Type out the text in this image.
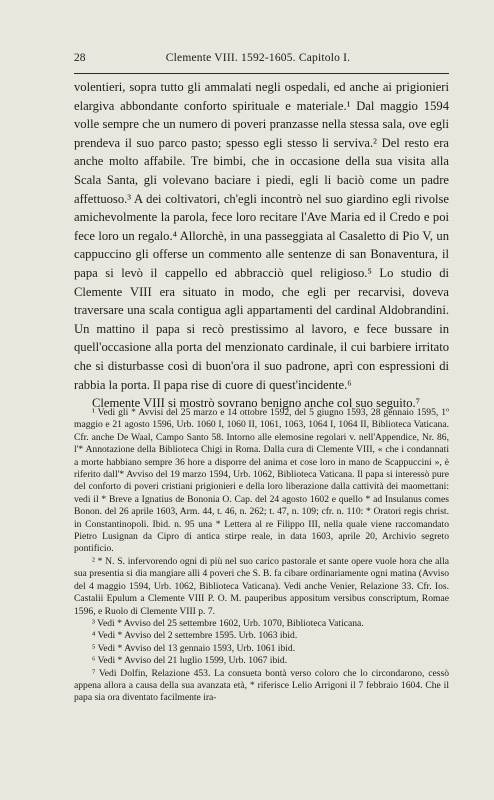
28	Clemente VIII. 1592-1605. Capitolo I.

volentieri, sopra tutto gli ammalati negli ospedali, ed anche ai prigionieri elargiva abbondante conforto spirituale e materiale.¹ Dal maggio 1594 volle sempre che un numero di poveri pranzasse nella stessa sala, ove egli prendeva il suo parco pasto; spesso egli stesso li serviva.² Del resto era anche molto affabile. Tre bimbi, che in occasione della sua visita alla Scala Santa, gli volevano baciare i piedi, egli li baciò come un padre affettuoso.³ A dei coltivatori, ch'egli incontrò nel suo giardino egli rivolse amichevolmente la parola, fece loro recitare l'Ave Maria ed il Credo e poi fece loro un regalo.⁴ Allorchè, in una passeggiata al Casaletto di Pio V, un cappuccino gli offerse un commento alle sentenze di san Bonaventura, il papa si levò il cappello ed abbracciò quel religioso.⁵ Lo studio di Clemente VIII era situato in modo, che egli per recarvisi, doveva traversare una scala contigua agli appartamenti del cardinal Aldobrandini. Un mattino il papa si recò prestissimo al lavoro, e fece bussare in quell'occasione alla porta del menzionato cardinale, il cui barbiere irritato che si disturbasse così di buon'ora il suo padrone, aprì con espressioni di rabbia la porta. Il papa rise di cuore di quest'incidente.⁶

Clemente VIII si mostrò sovrano benigno anche col suo seguito.⁷

¹ Vedi gli * Avvisi del 25 marzo e 14 ottobre 1592, del 5 giugno 1593, 28 gennaio 1595, 1º maggio e 21 agosto 1596, Urb. 1060 I, 1060 II, 1061, 1063, 1064 I, 1064 II, Biblioteca Vaticana. Cfr. anche De Waal, Campo Santo 58. Intorno alle elemosine regolari v. nell'Appendice, Nr. 86, l'* Annotazione della Biblioteca Chigi in Roma. Dalla cura di Clemente VIII, « che i condannati a morte habbiano sempre 36 hore a disporre del anima et cose loro in mano de Scappuccini », è riferito dall'* Avviso del 19 marzo 1594, Urb. 1062, Biblioteca Vaticana. Il papa si interessò pure del conforto di poveri cristiani prigionieri e della loro liberazione dalla cattività dei maomettani: vedi il * Breve a Ignatius de Bononia O. Cap. del 24 agosto 1602 e quello * ad Insulanus comes Bonon. del 26 aprile 1603, Arm. 44, t. 46, n. 262; t. 47, n. 109; cfr. n. 110: * Oratori regis christ. in Constantinopoli. Ibid. n. 95 una * Lettera al re Filippo III, nella quale viene raccomandato Pietro Lusignan da Cipro di antica stirpe reale, in data 1603, aprile 20, Archivio segreto pontificio.

² * N. S. infervorendo ogni di più nel suo carico pastorale et sante opere vuole hora che alla sua presentia si dia mangiare alli 4 poveri che S. B. fa cibare ordinariamente ogni matina (Avviso del 4 maggio 1594, Urb. 1062, Biblioteca Vaticana). Vedi anche Venier, Relazione 33. Cfr. Ios. Castalii Epulum a Clemente VIII P. O. M. pauperibus appositum versibus conscriptum, Romae 1596, e Ruolo di Clemente VIII p. 7.

³ Vedi * Avviso del 25 settembre 1602, Urb. 1070, Biblioteca Vaticana.

⁴ Vedi * Avviso del 2 settembre 1595. Urb. 1063 ibid.

⁵ Vedi * Avviso del 13 gennaio 1593, Urb. 1061 ibid.

⁶ Vedi * Avviso del 21 luglio 1599, Urb. 1067 ibid.

⁷ Vedi Dolfin, Relazione 453. La consueta bontà verso coloro che lo circondarono, cessò appena allora a causa della sua avanzata età, * riferisce Lelio Arrigoni il 7 febbraio 1604. Che il papa sia ora diventato facilmente ira-
